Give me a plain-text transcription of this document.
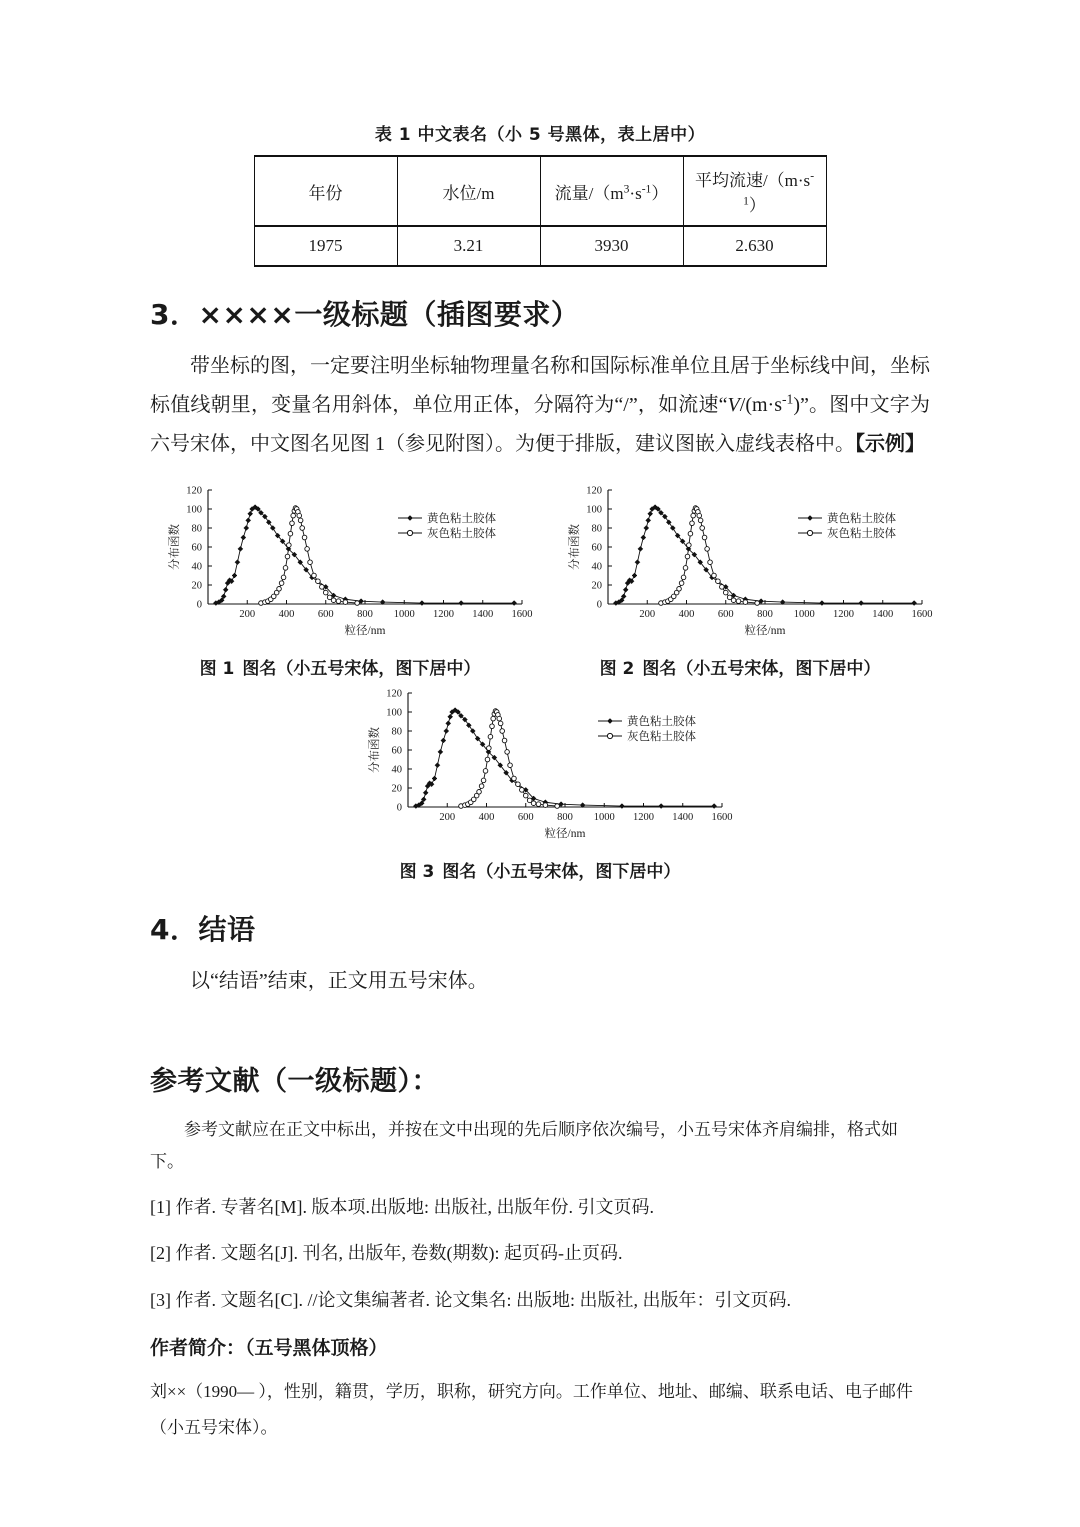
表 1 中文表名（小 5 号黑体，表上居中）
年份	水位/m	流量$/(m^3\cdot s^{-1})$	平均流速$/(m\cdot s^{-1})$
1975	3.21	3930	2.630
3．××××一级标题（插图要求）

带坐标的图，一定要注明坐标轴物理量名称和国际标准单位且居于坐标线中间，坐标标值线朝里，变量名用斜体，单位用正体，分隔符为“/”，如流速“$V/(m\cdot s^{-1})$”。图中文字为六号宋体，中文图名见图 1（参见附图）。为便于排版，建议图嵌入虚线表格中。【示例】

0
20
40
60
80
100
120
200 400 600 800 1000 1200 1400 1600
粒径/nm
分布函数
黄色粘土胶体
灰色粘土胶体
图 1 图名（小五号宋体，图下居中）
0
20
40
60
80
100
120
200 400 600 800 1000 1200 1400 1600
粒径/nm
分布函数
黄色粘土胶体
灰色粘土胶体
图 2 图名（小五号宋体，图下居中）
0
20
40
60
80
100
120
200 400 600 800 1000 1200 1400 1600
粒径/nm
分布函数
黄色粘土胶体
灰色粘土胶体
图 3 图名（小五号宋体，图下居中）
4．结语

以“结语”结束，正文用五号宋体。

参考文献（一级标题）：

参考文献应在正文中标出，并按在文中出现的先后顺序依次编号，小五号宋体齐肩编排，格式如下。

[1] 作者. 专著名[M]. 版本项.出版地: 出版社, 出版年份. 引文页码.

[2] 作者. 文题名[J]. 刊名, 出版年, 卷数(期数): 起页码-止页码.

[3] 作者. 文题名[C]. //论文集编著者. 论文集名: 出版地: 出版社, 出版年：引文页码.

作者简介：（五号黑体顶格）

刘××（1990— ），性别，籍贯，学历，职称，研究方向。工作单位、地址、邮编、联系电话、电子邮件

（小五号宋体）。
